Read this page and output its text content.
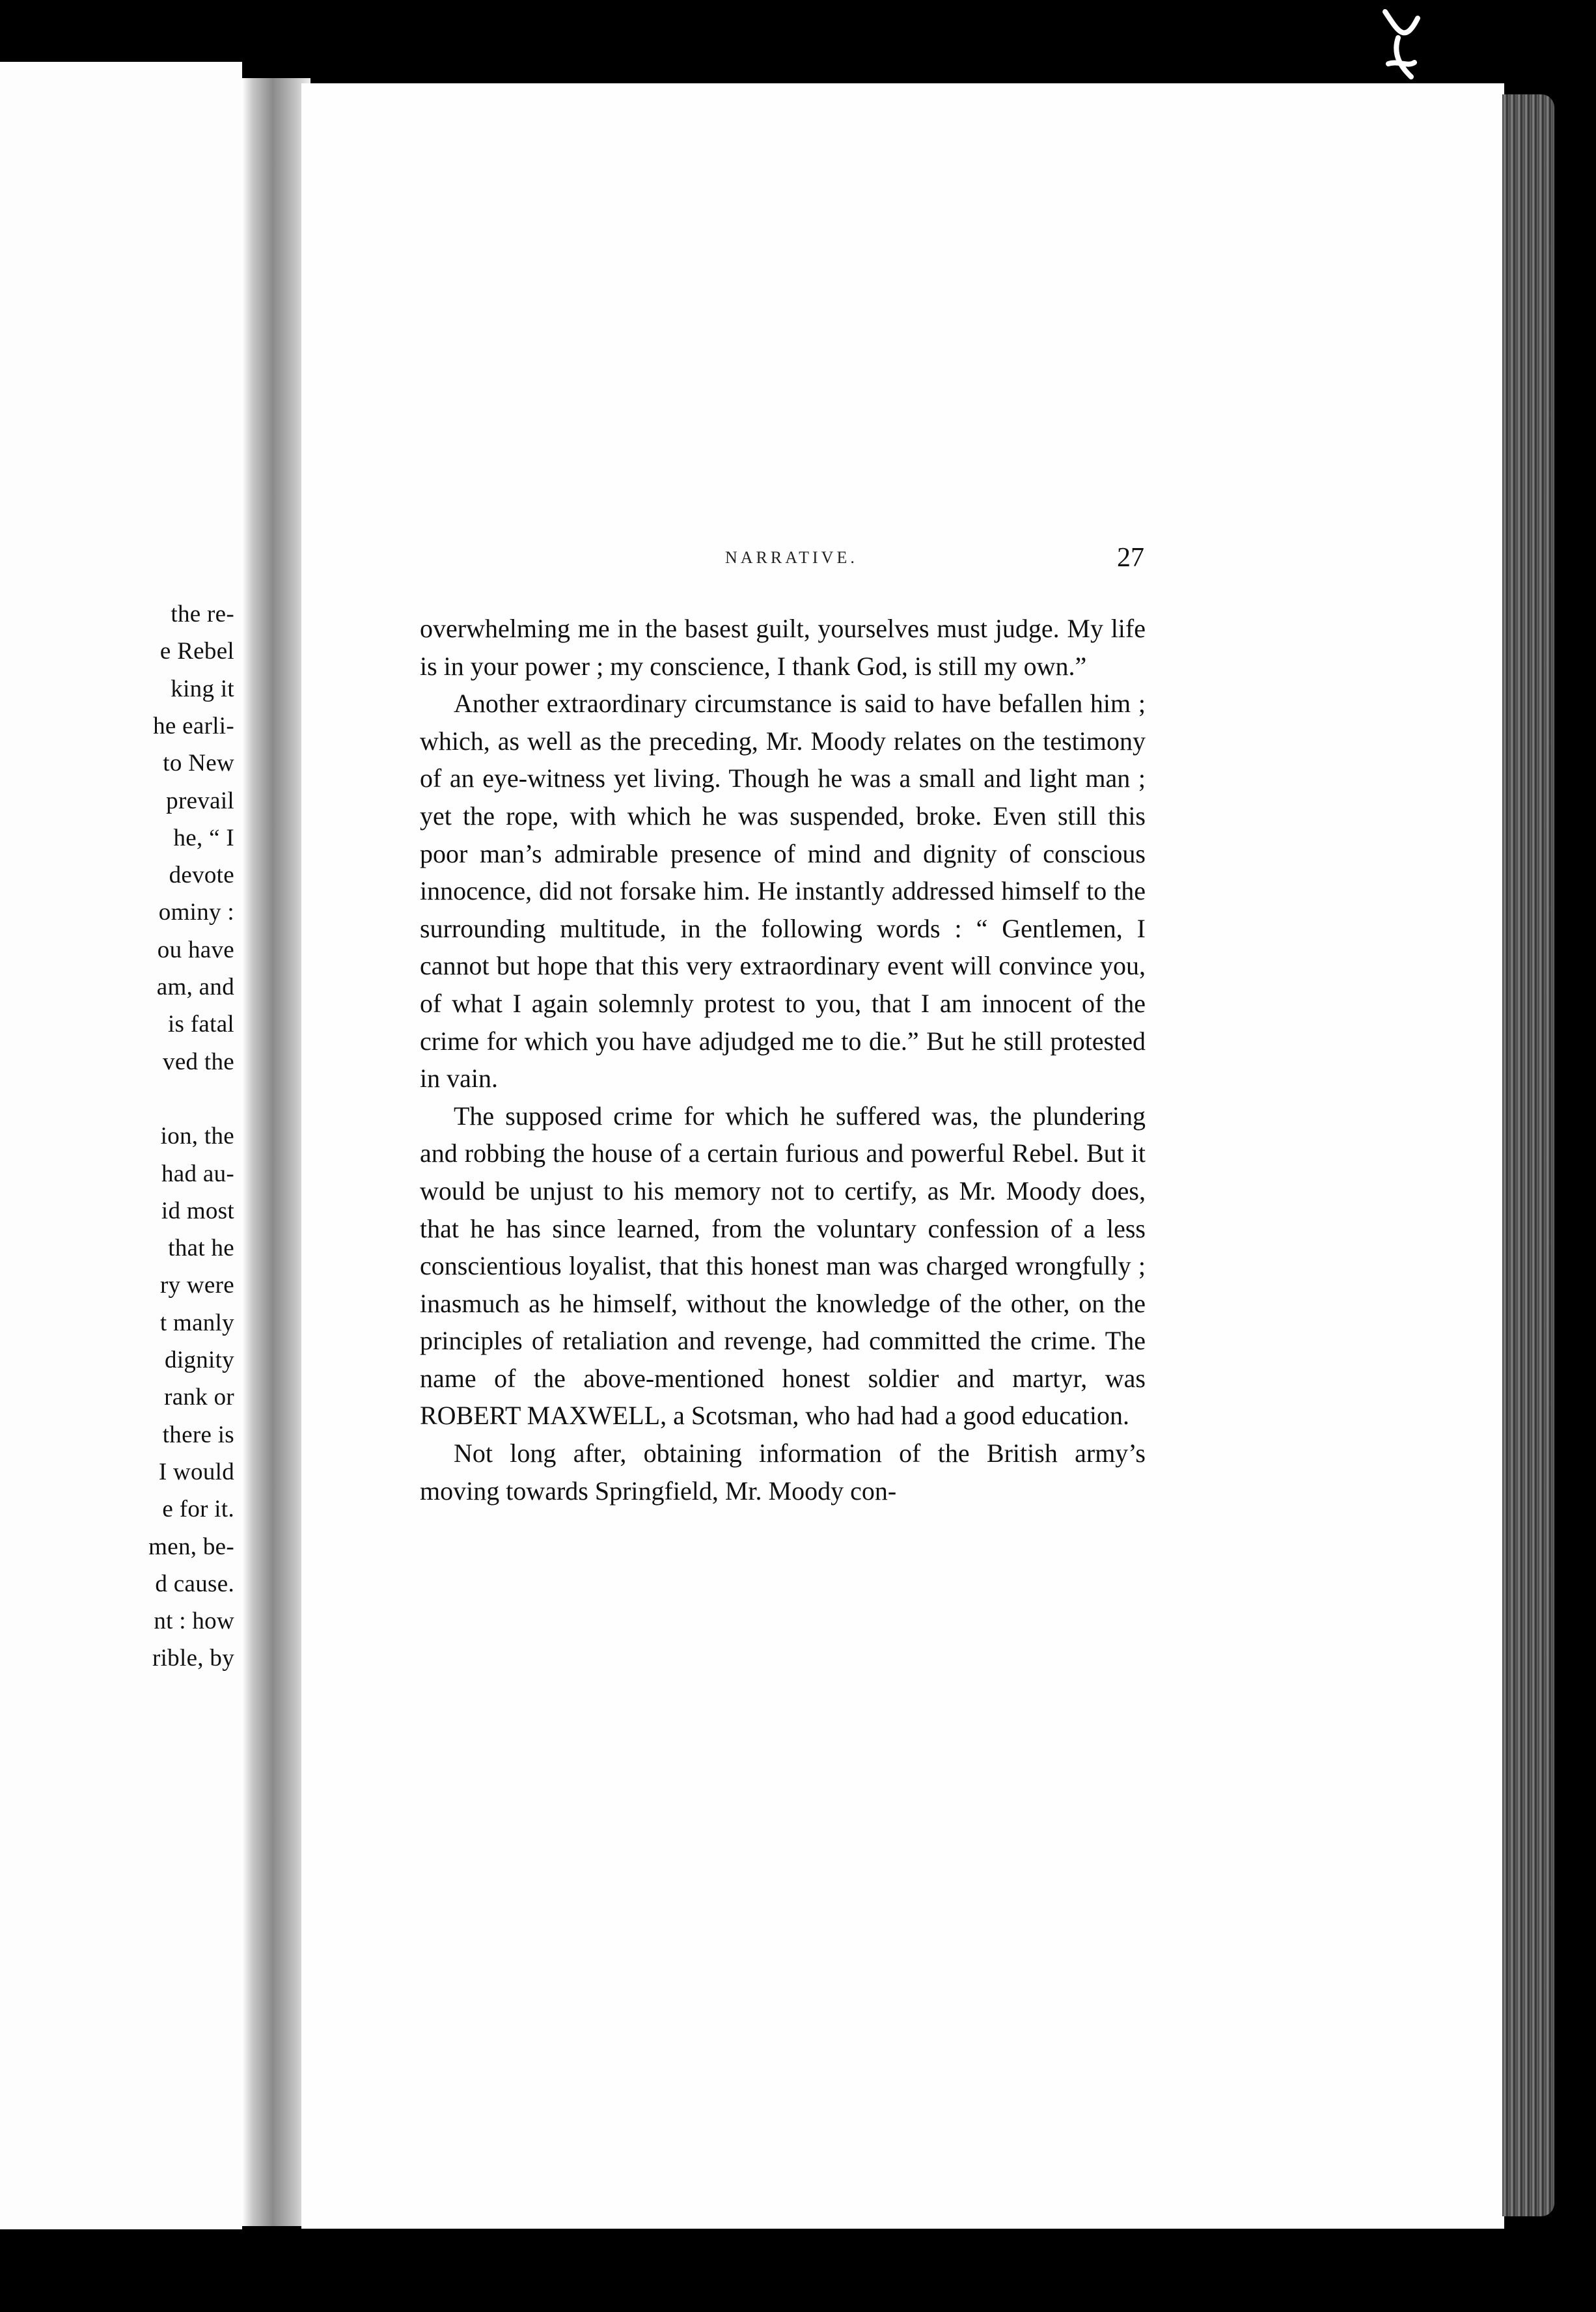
the re-
e Rebel
king it
he earli-
to New
prevail
he, “ I
devote
ominy :
ou have
am, and
is fatal
ved the
ion, the
had au-
id most
that he
ry were
t manly
dignity
rank or
there is
I would
e for it.
men, be-
d cause.
nt : how
rible, by
NARRATIVE.	27

overwhelming me in the basest guilt, yourselves must judge. My life is in your power ; my conscience, I thank God, is still my own.”

Another extraordinary circumstance is said to have befallen him ; which, as well as the preceding, Mr. Moody relates on the testimony of an eye-witness yet living. Though he was a small and light man ; yet the rope, with which he was suspended, broke. Even still this poor man’s admirable presence of mind and dignity of conscious innocence, did not forsake him. He instantly addressed himself to the surrounding multitude, in the following words : “ Gentlemen, I cannot but hope that this very extraordinary event will convince you, of what I again solemnly protest to you, that I am innocent of the crime for which you have adjudged me to die.” But he still protested in vain.

The supposed crime for which he suffered was, the plundering and robbing the house of a certain furious and powerful Rebel. But it would be unjust to his memory not to certify, as Mr. Moody does, that he has since learned, from the voluntary confession of a less conscientious loyalist, that this honest man was charged wrongfully ; inasmuch as he himself, without the knowledge of the other, on the principles of retaliation and revenge, had committed the crime. The name of the above-mentioned honest soldier and martyr, was ROBERT MAXWELL, a Scotsman, who had had a good education.

Not long after, obtaining information of the British army’s moving towards Springfield, Mr. Moody con-
